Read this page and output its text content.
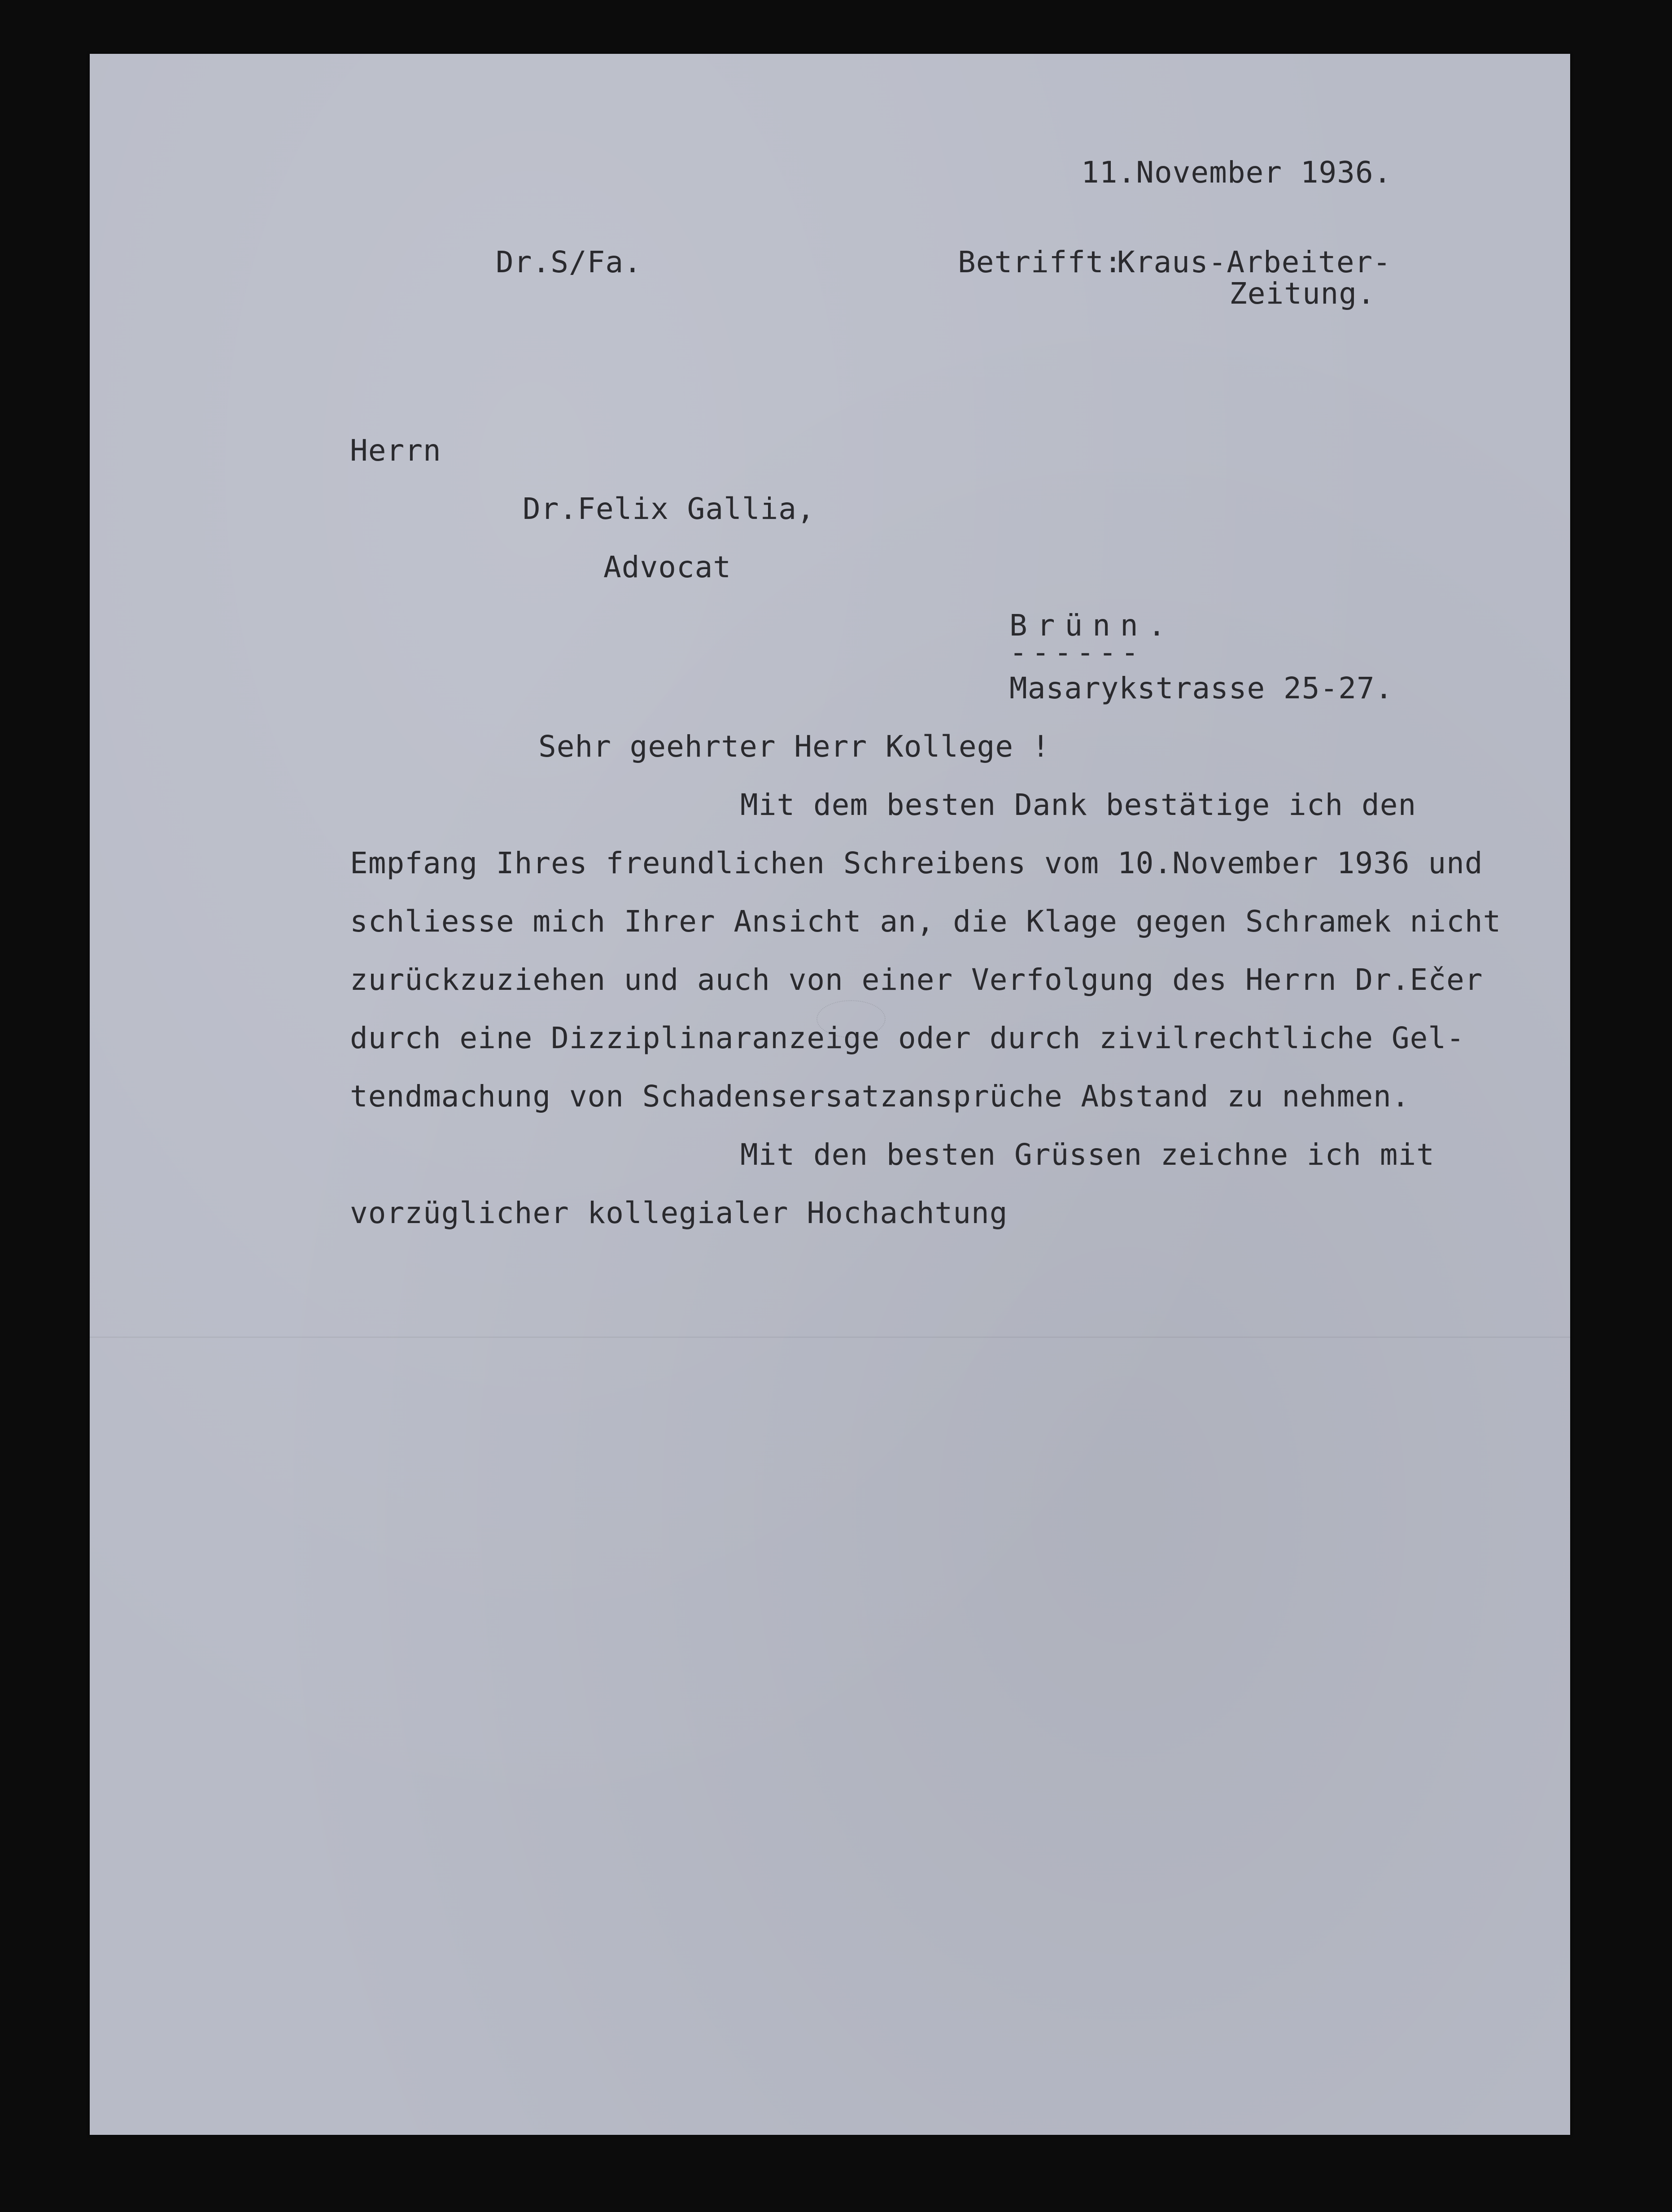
11.November 1936.
Dr.S/Fa.	Betrifft:
Kraus-Arbeiter-
Zeitung.
Herrn
Dr.Felix Gallia,
Advocat
Brünn.
------
Masarykstrasse 25-27.
Sehr geehrter Herr Kollege !
Mit dem besten Dank bestätige ich den
Empfang Ihres freundlichen Schreibens vom 10.November 1936 und
schliesse mich Ihrer Ansicht an, die Klage gegen Schramek nicht
zurückzuziehen und auch von einer Verfolgung des Herrn Dr.Ečer
durch eine Dizziplinaranzeige oder durch zivilrechtliche Gel-
tendmachung von Schadensersatzansprüche Abstand zu nehmen.
Mit den besten Grüssen zeichne ich mit
vorzüglicher kollegialer Hochachtung
